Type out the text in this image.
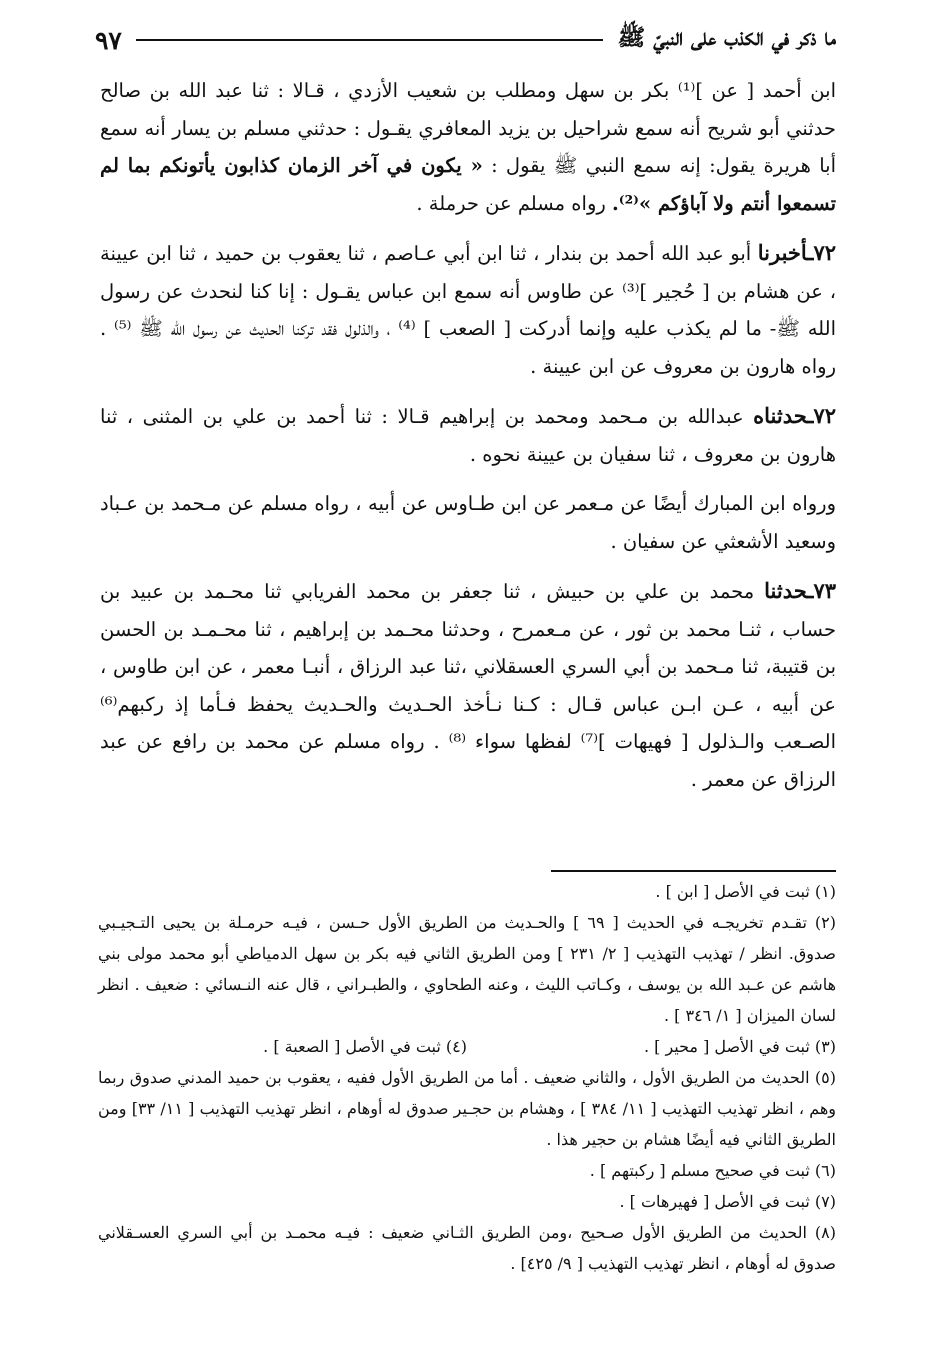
ما ذكر في الكذب على النبيّ ﷺ
٩٧

ابن أحمد [ عن ]⁽¹⁾ بكر بن سهل ومطلب بن شعيب الأزدي ، قـالا : ثنا عبد الله بن صالح حدثني أبو شريح أنه سمع شراحيل بن يزيد المعافري يقـول : حدثني مسلم بن يسار أنه سمع أبا هريرة يقول: إنه سمع النبي ﷺ يقول : « يكون في آخر الزمان كذابون يأتونكم بما لم تسمعوا أنتم ولا آباؤكم »⁽²⁾. رواه مسلم عن حرملة .

٧٢ـأخبرنا أبو عبد الله أحمد بن بندار ، ثنا ابن أبي عـاصم ، ثنا يعقوب بن حميد ، ثنا ابن عيينة ، عن هشام بن [ حُجير ]⁽³⁾ عن طاوس أنه سمع ابن عباس يقـول : إنا كنا لنحدث عن رسول الله ﷺ- ما لم يكذب عليه وإنما أدركت [ الصعب ] ⁽⁴⁾ ، والذلول فقد تركنا الحديث عن رسول الله ﷺ ⁽⁵⁾ . رواه هارون بن معروف عن ابن عيينة .

٧٢ـحدثناه عبدالله بن مـحمد ومحمد بن إبراهيم قـالا : ثنا أحمد بن علي بن المثنى ، ثنا هارون بن معروف ، ثنا سفيان بن عيينة نحوه .

ورواه ابن المبارك أيضًا عن مـعمر عن ابن طـاوس عن أبيه ، رواه مسلم عن مـحمد بن عـباد وسعيد الأشعثي عن سفيان .

٧٣ـحدثنا محمد بن علي بن حبيش ، ثنا جعفر بن محمد الفريابي ثنا محـمد بن عبيد بن حساب ، ثنـا محمد بن ثور ، عن مـعمرح ، وحدثنا محـمد بن إبراهيم ، ثنا محـمـد بن الحسن بن قتيبة، ثنا مـحمد بن أبي السري العسقلاني ،ثنا عبد الرزاق ، أنبـا معمر ، عن ابن طاوس ، عن أبيه ، عـن ابـن عباس قـال : كـنا نـأخذ الحـديث والحـديث يحفظ فـأما إذ ركبهم⁽⁶⁾ الصـعب والـذلول [ فهيهات ]⁽⁷⁾ لفظها سواء ⁽⁸⁾ . رواه مسلم عن محمد بن رافع عن عبد الرزاق عن معمر .

(١) ثبت في الأصل [ ابن ] .

(٢) تقـدم تخريجـه في الحديث [ ٦٩ ] والحـديث من الطريق الأول حـسن ، فيـه حرمـلة بن يحيى التـجيـبي صدوق. انظر / تهذيب التهذيب [ ٢/ ٢٣١ ] ومن الطريق الثاني فيه بكر بن سهل الدمياطي أبو محمد مولى بني هاشم عن عـبد الله بن يوسف ، وكـاتب الليث ، وعنه الطحاوي ، والطبـراني ، قال عنه النـسائي : ضعيف . انظر لسان الميزان [ ١/ ٣٤٦ ] .

(٣) ثبت في الأصل [ محير ] .

(٤) ثبت في الأصل [ الصعبة ] .

(٥) الحديث من الطريق الأول ، والثاني ضعيف . أما من الطريق الأول ففيه ، يعقوب بن حميد المدني صدوق ربما وهم ، انظر تهذيب التهذيب [ ١١/ ٣٨٤ ] ، وهشام بن حجـير صدوق له أوهام ، انظر تهذيب التهذيب [ ١١/ ٣٣] ومن الطريق الثاني فيه أيضًا هشام بن حجير هذا .

(٦) ثبت في صحيح مسلم [ ركبتهم ] .

(٧) ثبت في الأصل [ فهيرهات ] .

(٨) الحديث من الطريق الأول صـحيح ،ومن الطريق الثـاني ضعيف : فيـه محمـد بن أبي السري العسـقلاني صدوق له أوهام ، انظر تهذيب التهذيب [ ٩/ ٤٢٥] .
